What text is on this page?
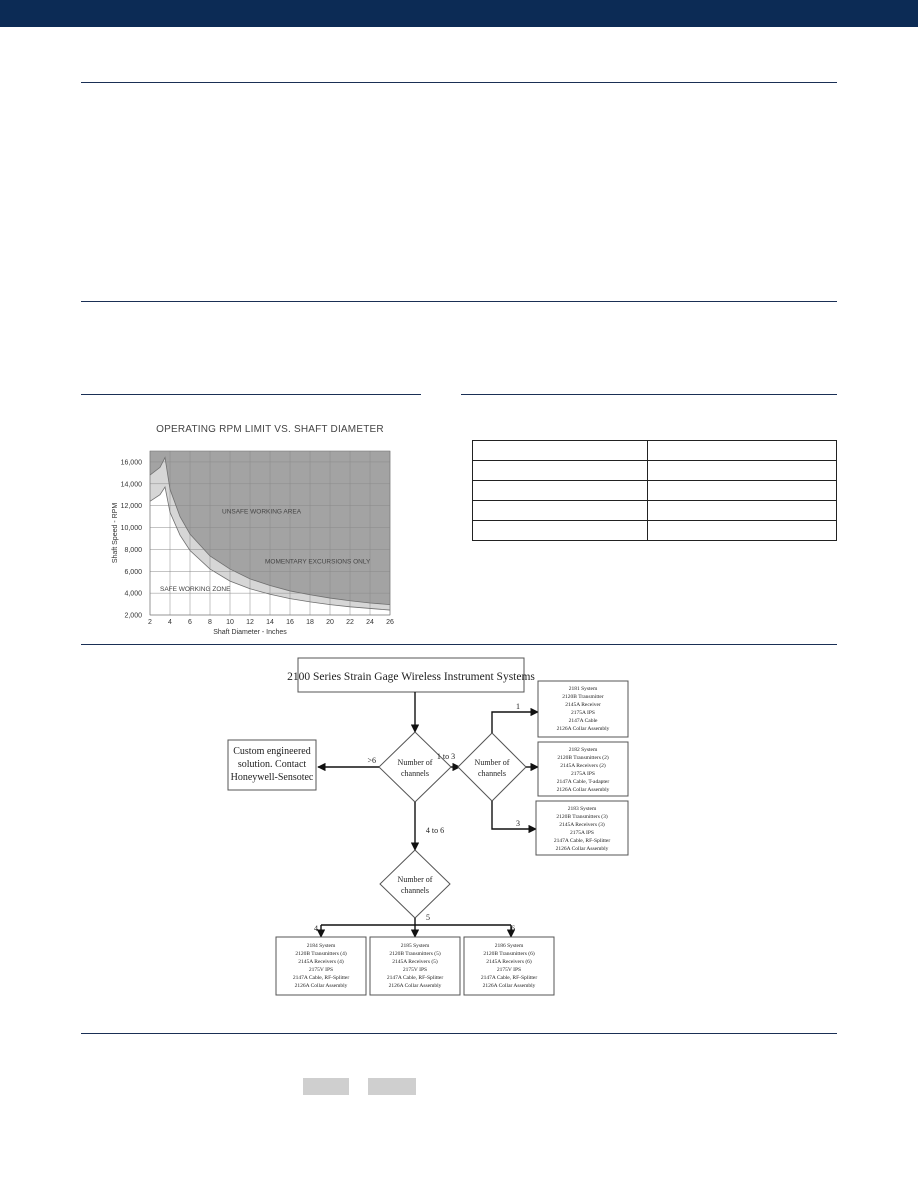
OPERATING RPM LIMIT VS. SHAFT DIAMETER
2 4 6 8 10 12 14 16 18 20 22 24 26
2,000
4,000
6,000
8,000
10,000
12,000
14,000
16,000
Shaft Diameter - Inches
Shaft Speed - RPM	UNSAFE WORKING AREA
MOMENTARY EXCURSIONS ONLY
SAFE WORKING ZONE

2100 Series Strain Gage Wireless Instrument Systems
Number of
channels
>6
Custom engineered
solution. Contact
Honeywell-Sensotec
1 to 3
Number of
channels
1
3
2181 System
2120B Transmitter
2145A Receiver
2175A IPS
2147A Cable
2126A Collar Assembly
2182 System
2120B Transmitters (2)
2145A Receivers (2)
2175A IPS
2147A Cable, T-adapter
2126A Collar Assembly
2183 System
2120B Transmitters (3)
2145A Receivers (3)
2175A IPS
2147A Cable, RF-Splitter
2126A Collar Assembly
4 to 6
Number of
channels
4
5
6
2184 System
2120B Transmitters (4)
2145A Receivers (4)
2175V IPS
2147A Cable, RF-Splitter
2126A Collar Assembly
2185 System
2120B Transmitters (5)
2145A Receivers (5)
2175V IPS
2147A Cable, RF-Splitter
2126A Collar Assembly
2186 System
2120B Transmitters (6)
2145A Receivers (6)
2175V IPS
2147A Cable, RF-Splitter
2126A Collar Assembly
